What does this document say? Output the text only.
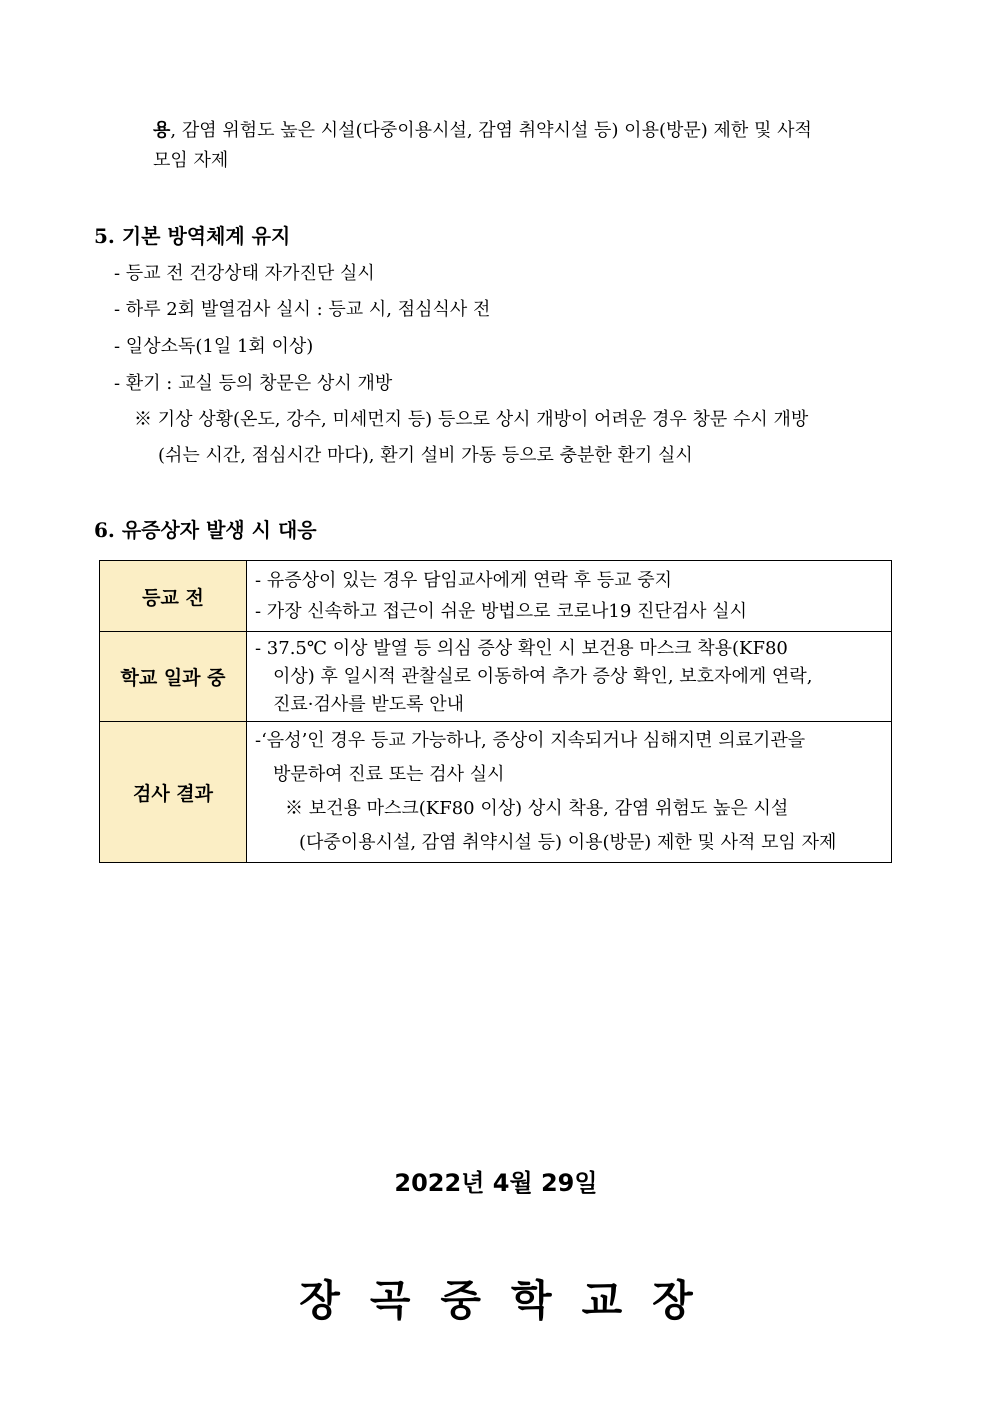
용, 감염 위험도 높은 시설(다중이용시설, 감염 취약시설 등) 이용(방문) 제한 및 사적
모임 자제
5. 기본 방역체계 유지
- 등교 전 건강상태 자가진단 실시
- 하루 2회 발열검사 실시 : 등교 시, 점심식사 전
- 일상소독(1일 1회 이상)
- 환기 : 교실 등의 창문은 상시 개방
※ 기상 상황(온도, 강수, 미세먼지 등) 등으로 상시 개방이 어려운 경우 창문 수시 개방
(쉬는 시간, 점심시간 마다), 환기 설비 가동 등으로 충분한 환기 실시
6. 유증상자 발생 시 대응
등교 전	- 유증상이 있는 경우 담임교사에게 연락 후 등교 중지
- 가장 신속하고 접근이 쉬운 방법으로 코로나19 진단검사 실시

학교 일과 중	- 37.5℃ 이상 발열 등 의심 증상 확인 시 보건용 마스크 착용(KF80
이상) 후 일시적 관찰실로 이동하여 추가 증상 확인, 보호자에게 연락,
진료·검사를 받도록 안내

검사 결과	-‘음성’인 경우 등교 가능하나, 증상이 지속되거나 심해지면 의료기관을
방문하여 진료 또는 검사 실시
※ 보건용 마스크(KF80 이상) 상시 착용, 감염 위험도 높은 시설
(다중이용시설, 감염 취약시설 등) 이용(방문) 제한 및 사적 모임 자제
2022년 4월 29일
장곡중학교장
